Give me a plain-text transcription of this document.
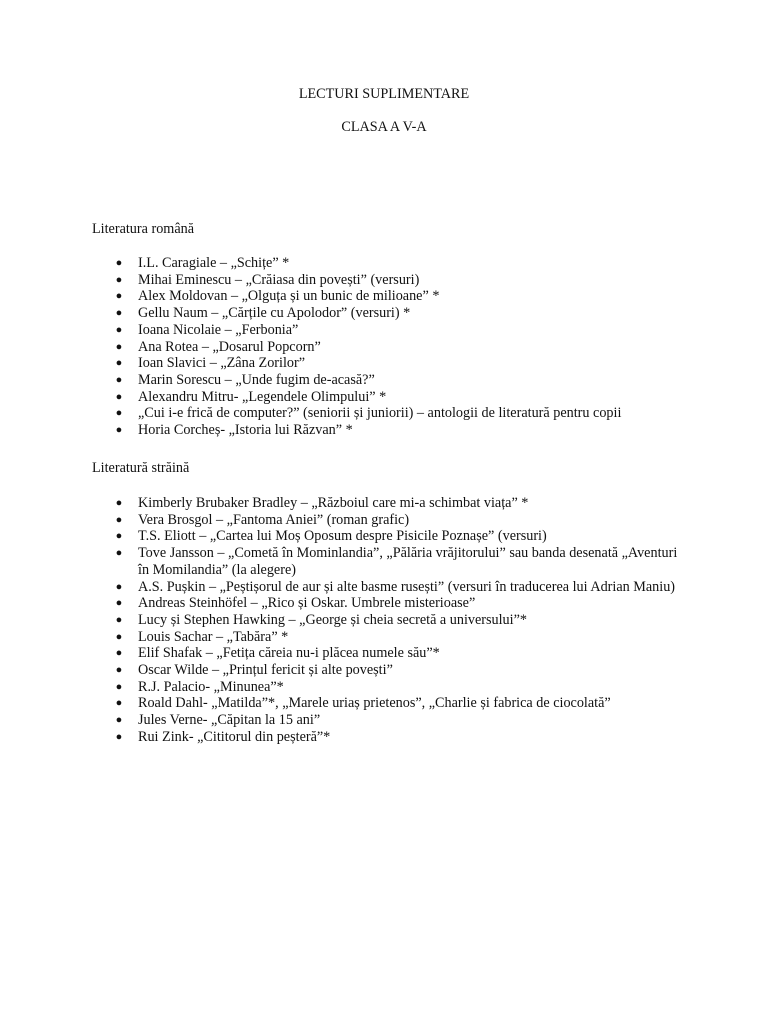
LECTURI SUPLIMENTARE
CLASA A V-A
Literatura română
● I.L. Caragiale – „Schițe” *
● Mihai Eminescu – „Crăiasa din povești” (versuri)
● Alex Moldovan – „Olguța și un bunic de milioane” *
● Gellu Naum – „Cărțile cu Apolodor” (versuri) *
● Ioana Nicolaie – „Ferbonia”
● Ana Rotea – „Dosarul Popcorn”
● Ioan Slavici – „Zâna Zorilor”
● Marin Sorescu – „Unde fugim de-acasă?”
● Alexandru Mitru- „Legendele Olimpului” *
● „Cui i-e frică de computer?” (seniorii și juniorii) – antologii de literatură pentru copii
● Horia Corcheș- „Istoria lui Răzvan” *
Literatură străină
● Kimberly Brubaker Bradley – „Războiul care mi-a schimbat viața” *
● Vera Brosgol – „Fantoma Aniei” (roman grafic)
● T.S. Eliott – „Cartea lui Moș Oposum despre Pisicile Poznașe” (versuri)
● Tove Jansson – „Cometă în Mominlandia”, „Pălăria vrăjitorului” sau banda desenată „Aventuri în Momilandia” (la alegere)
● A.S. Pușkin – „Peștișorul de aur și alte basme rusești” (versuri în traducerea lui Adrian Maniu)
● Andreas Steinhöfel – „Rico și Oskar. Umbrele misterioase”
● Lucy și Stephen Hawking – „George și cheia secretă a universului”*
● Louis Sachar – „Tabăra” *
● Elif Shafak – „Fetița căreia nu-i plăcea numele său”*
● Oscar Wilde – „Prințul fericit și alte povești”
● R.J. Palacio- „Minunea”*
● Roald Dahl- „Matilda”*, „Marele uriaș prietenos”, „Charlie și fabrica de ciocolată”
● Jules Verne- „Căpitan la 15 ani”
● Rui Zink- „Cititorul din peșteră”*
